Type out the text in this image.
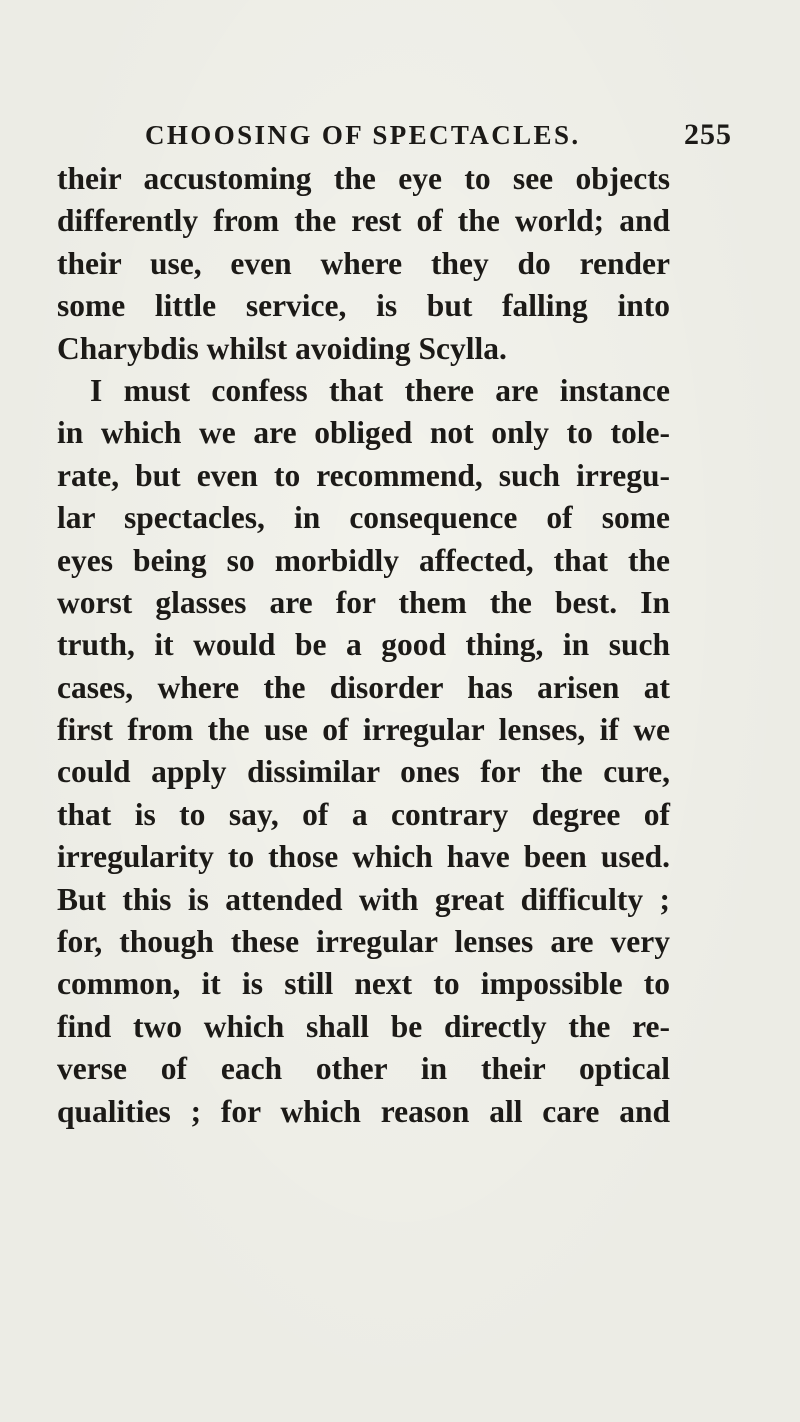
CHOOSING OF SPECTACLES.	255
their accustoming the eye to see objects
differently from the rest of the world; and
their use, even where they do render
some little service, is but falling into
Charybdis whilst avoiding Scylla.
I must confess that there are instance
in which we are obliged not only to tole-
rate, but even to recommend, such irregu-
lar spectacles, in consequence of some
eyes being so morbidly affected, that the
worst glasses are for them the best. In
truth, it would be a good thing, in such
cases, where the disorder has arisen at
first from the use of irregular lenses, if we
could apply dissimilar ones for the cure,
that is to say, of a contrary degree of
irregularity to those which have been used.
But this is attended with great difficulty ;
for, though these irregular lenses are very
common, it is still next to impossible to
find two which shall be directly the re-
verse of each other in their optical
qualities ; for which reason all care and
